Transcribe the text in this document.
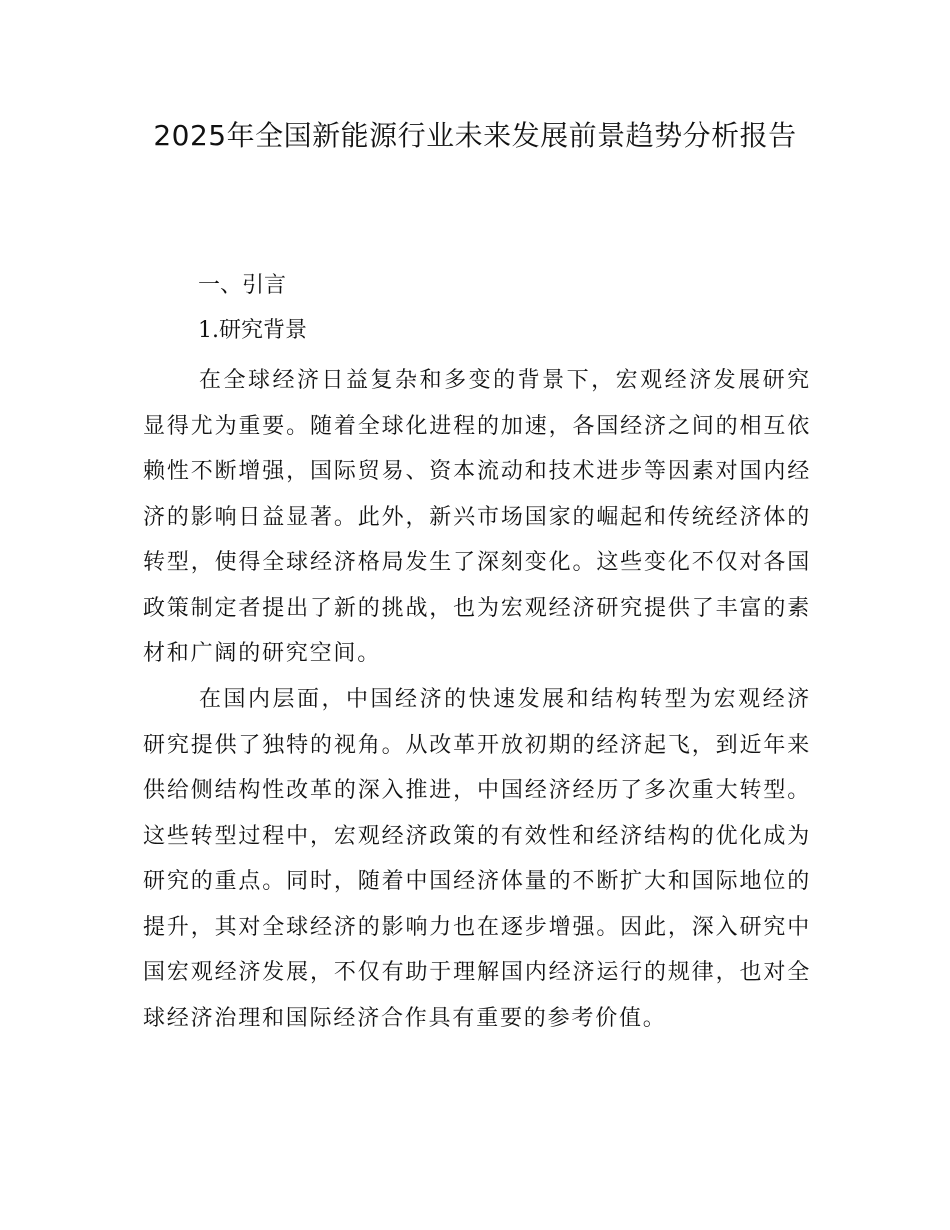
2025年全国新能源行业未来发展前景趋势分析报告
一、引言
1.研究背景

在全球经济日益复杂和多变的背景下，宏观经济发展研究显得尤为重要。随着全球化进程的加速，各国经济之间的相互依赖性不断增强，国际贸易、资本流动和技术进步等因素对国内经济的影响日益显著。此外，新兴市场国家的崛起和传统经济体的转型，使得全球经济格局发生了深刻变化。这些变化不仅对各国政策制定者提出了新的挑战，也为宏观经济研究提供了丰富的素材和广阔的研究空间。

在国内层面，中国经济的快速发展和结构转型为宏观经济研究提供了独特的视角。从改革开放初期的经济起飞，到近年来供给侧结构性改革的深入推进，中国经济经历了多次重大转型。这些转型过程中，宏观经济政策的有效性和经济结构的优化成为研究的重点。同时，随着中国经济体量的不断扩大和国际地位的提升，其对全球经济的影响力也在逐步增强。因此，深入研究中国宏观经济发展，不仅有助于理解国内经济运行的规律，也对全球经济治理和国际经济合作具有重要的参考价值。
